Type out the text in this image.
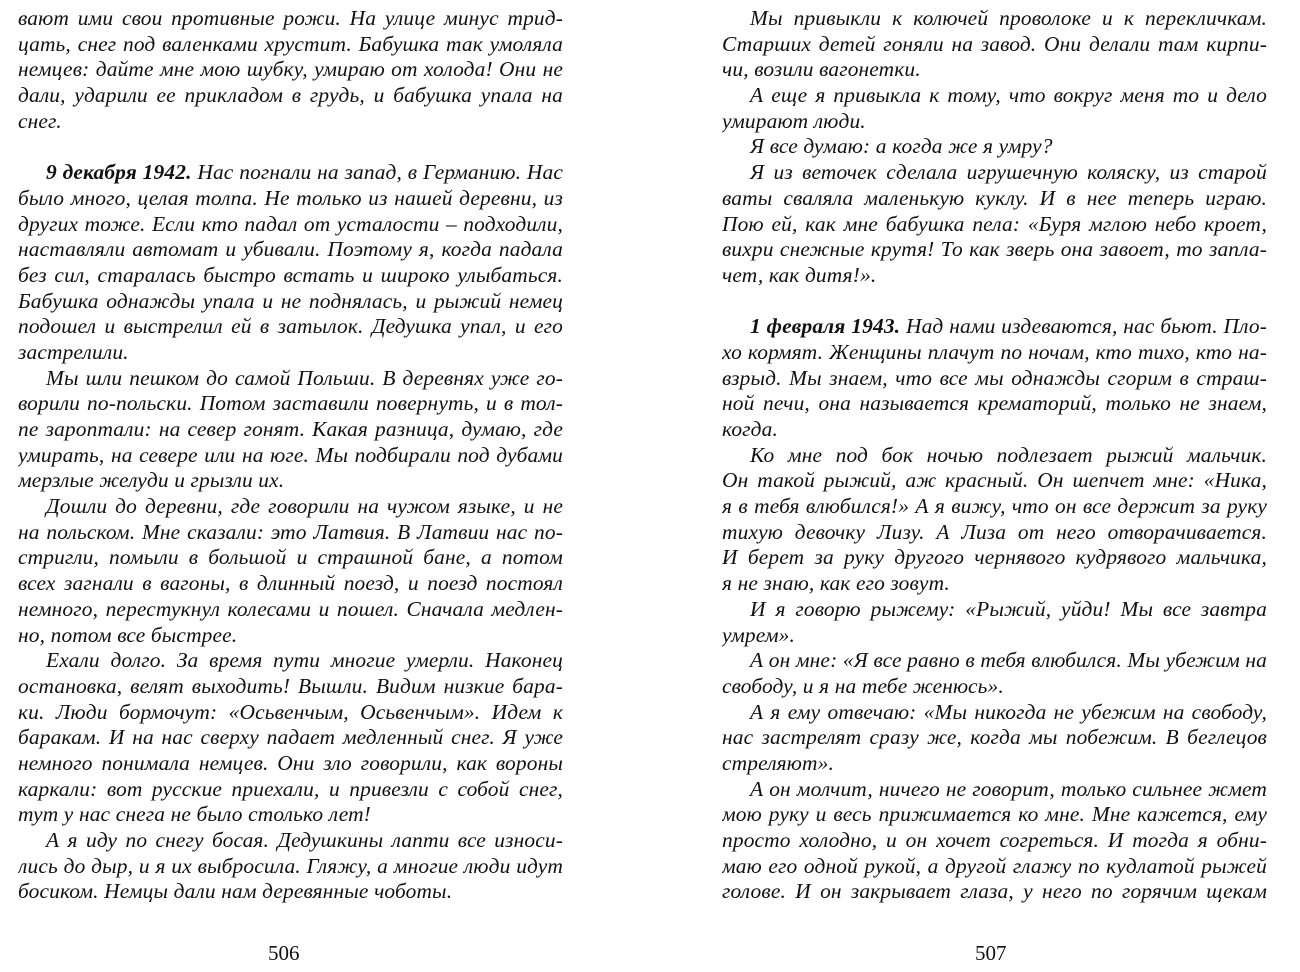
вают ими свои противные рожи. На улице минус трид-
цать, снег под валенками хрустит. Бабушка так умоляла
немцев: дайте мне мою шубку, умираю от холода! Они не
дали, ударили ее прикладом в грудь, и бабушка упала на
снег.
9 декабря 1942. Нас погнали на запад, в Германию. Нас
было много, целая толпа. Не только из нашей деревни, из
других тоже. Если кто падал от усталости – подходили,
наставляли автомат и убивали. Поэтому я, когда падала
без сил, старалась быстро встать и широко улыбаться.
Бабушка однажды упала и не поднялась, и рыжий немец
подошел и выстрелил ей в затылок. Дедушка упал, и его
застрелили.
Мы шли пешком до самой Польши. В деревнях уже го-
ворили по-польски. Потом заставили повернуть, и в тол-
пе зароптали: на север гонят. Какая разница, думаю, где
умирать, на севере или на юге. Мы подбирали под дубами
мерзлые желуди и грызли их.
Дошли до деревни, где говорили на чужом языке, и не
на польском. Мне сказали: это Латвия. В Латвии нас по-
стригли, помыли в большой и страшной бане, а потом
всех загнали в вагоны, в длинный поезд, и поезд постоял
немного, перестукнул колесами и пошел. Сначала медлен-
но, потом все быстрее.
Ехали долго. За время пути многие умерли. Наконец
остановка, велят выходить! Вышли. Видим низкие бара-
ки. Люди бормочут: «Осьвенчым, Осьвенчым». Идем к
баракам. И на нас сверху падает медленный снег. Я уже
немного понимала немцев. Они зло говорили, как вороны
каркали: вот русские приехали, и привезли с собой снег,
тут у нас снега не было столько лет!
А я иду по снегу босая. Дедушкины лапти все износи-
лись до дыр, и я их выбросила. Гляжу, а многие люди идут
босиком. Немцы дали нам деревянные чоботы.
Мы привыкли к колючей проволоке и к перекличкам.
Старших детей гоняли на завод. Они делали там кирпи-
чи, возили вагонетки.
А еще я привыкла к тому, что вокруг меня то и дело
умирают люди.
Я все думаю: а когда же я умру?
Я из веточек сделала игрушечную коляску, из старой
ваты сваляла маленькую куклу. И в нее теперь играю.
Пою ей, как мне бабушка пела: «Буря мглою небо кроет,
вихри снежные крутя! То как зверь она завоет, то запла-
чет, как дитя!».
1 февраля 1943. Над нами издеваются, нас бьют. Пло-
хо кормят. Женщины плачут по ночам, кто тихо, кто на-
взрыд. Мы знаем, что все мы однажды сгорим в страш-
ной печи, она называется крематорий, только не знаем,
когда.
Ко мне под бок ночью подлезает рыжий мальчик.
Он такой рыжий, аж красный. Он шепчет мне: «Ника,
я в тебя влюбился!» А я вижу, что он все держит за руку
тихую девочку Лизу. А Лиза от него отворачивается.
И берет за руку другого чернявого кудрявого мальчика,
я не знаю, как его зовут.
И я говорю рыжему: «Рыжий, уйди! Мы все завтра
умрем».
А он мне: «Я все равно в тебя влюбился. Мы убежим на
свободу, и я на тебе женюсь».
А я ему отвечаю: «Мы никогда не убежим на свободу,
нас застрелят сразу же, когда мы побежим. В беглецов
стреляют».
А он молчит, ничего не говорит, только сильнее жмет
мою руку и весь прижимается ко мне. Мне кажется, ему
просто холодно, и он хочет согреться. И тогда я обни-
маю его одной рукой, а другой глажу по кудлатой рыжей
голове. И он закрывает глаза, у него по горячим щекам
506	507
